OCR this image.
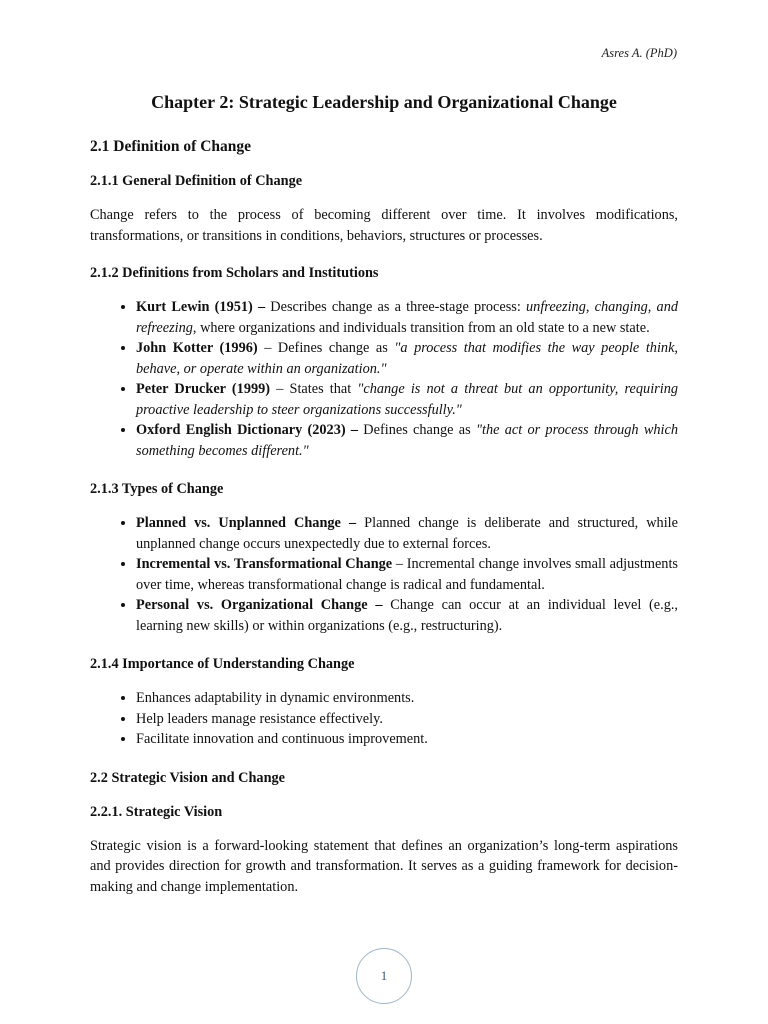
Asres A. (PhD)
Chapter 2: Strategic Leadership and Organizational Change
2.1 Definition of Change
2.1.1 General Definition of Change

Change refers to the process of becoming different over time. It involves modifications, transformations, or transitions in conditions, behaviors, structures or processes.

2.1.2 Definitions from Scholars and Institutions
• Kurt Lewin (1951) – Describes change as a three-stage process: unfreezing, changing, and refreezing, where organizations and individuals transition from an old state to a new state.
• John Kotter (1996) – Defines change as "a process that modifies the way people think, behave, or operate within an organization."
• Peter Drucker (1999) – States that "change is not a threat but an opportunity, requiring proactive leadership to steer organizations successfully."
• Oxford English Dictionary (2023) – Defines change as "the act or process through which something becomes different."
2.1.3 Types of Change
• Planned vs. Unplanned Change – Planned change is deliberate and structured, while unplanned change occurs unexpectedly due to external forces.
• Incremental vs. Transformational Change – Incremental change involves small adjustments over time, whereas transformational change is radical and fundamental.
• Personal vs. Organizational Change – Change can occur at an individual level (e.g., learning new skills) or within organizations (e.g., restructuring).
2.1.4 Importance of Understanding Change
• Enhances adaptability in dynamic environments.
• Help leaders manage resistance effectively.
• Facilitate innovation and continuous improvement.
2.2 Strategic Vision and Change
2.2.1. Strategic Vision

Strategic vision is a forward-looking statement that defines an organization’s long-term aspirations and provides direction for growth and transformation. It serves as a guiding framework for decision-making and change implementation.

1
